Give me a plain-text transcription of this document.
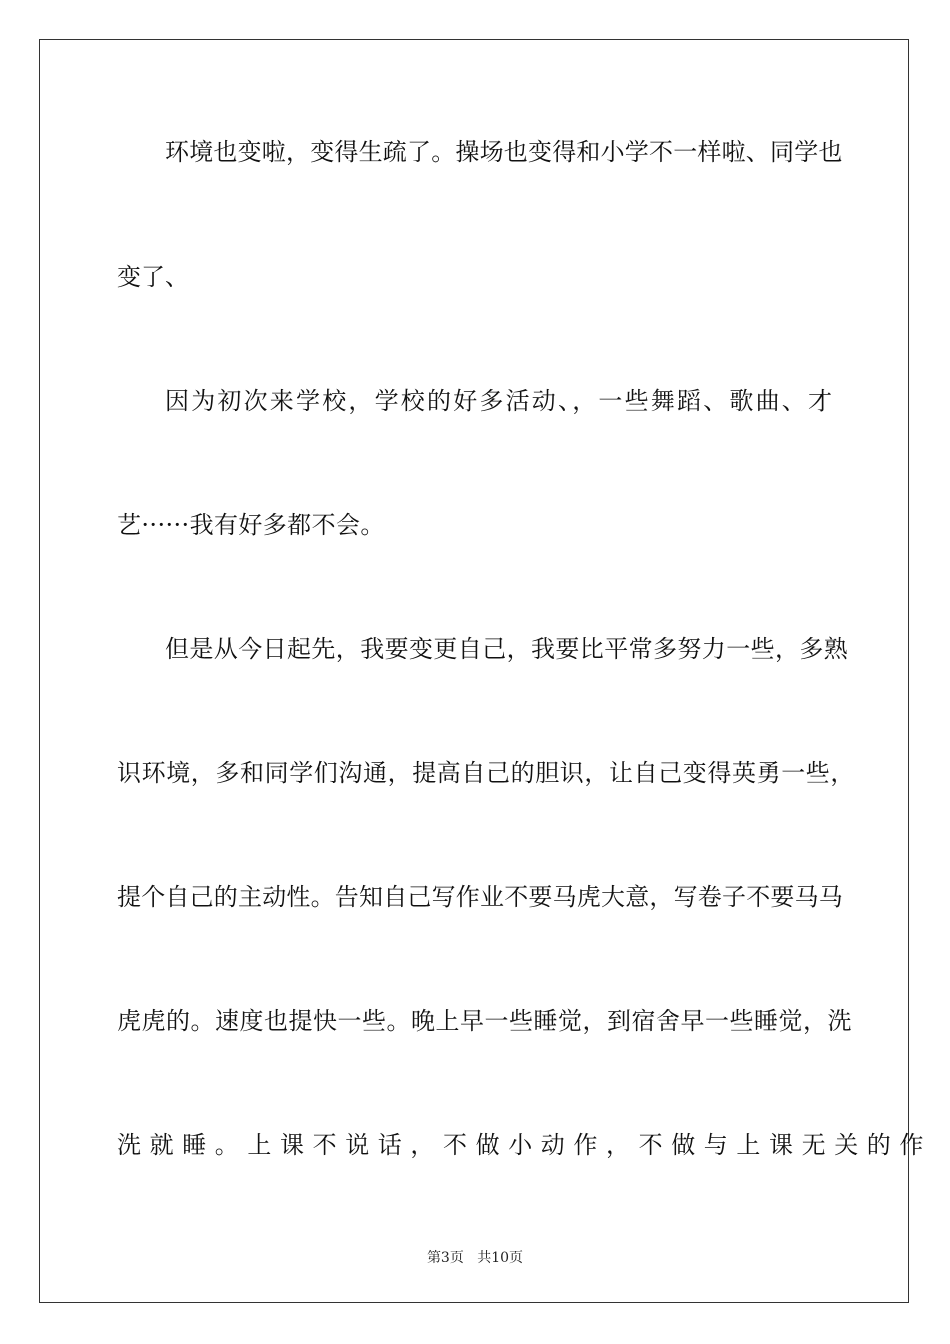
环境也变啦，变得生疏了。操场也变得和小学不一样啦、同学也
变了、
因为初次来学校，学校的好多活动、，一些舞蹈、歌曲、才
艺······我有好多都不会。
但是从今日起先，我要变更自己，我要比平常多努力一些，多熟
识环境，多和同学们沟通，提高自己的胆识，让自己变得英勇一些，
提个自己的主动性。告知自己写作业不要马虎大意，写卷子不要马马
虎虎的。速度也提快一些。晚上早一些睡觉，到宿舍早一些睡觉，洗
洗就睡。上课不说话，不做小动作，不做与上课无关的作
第3页 共10页
